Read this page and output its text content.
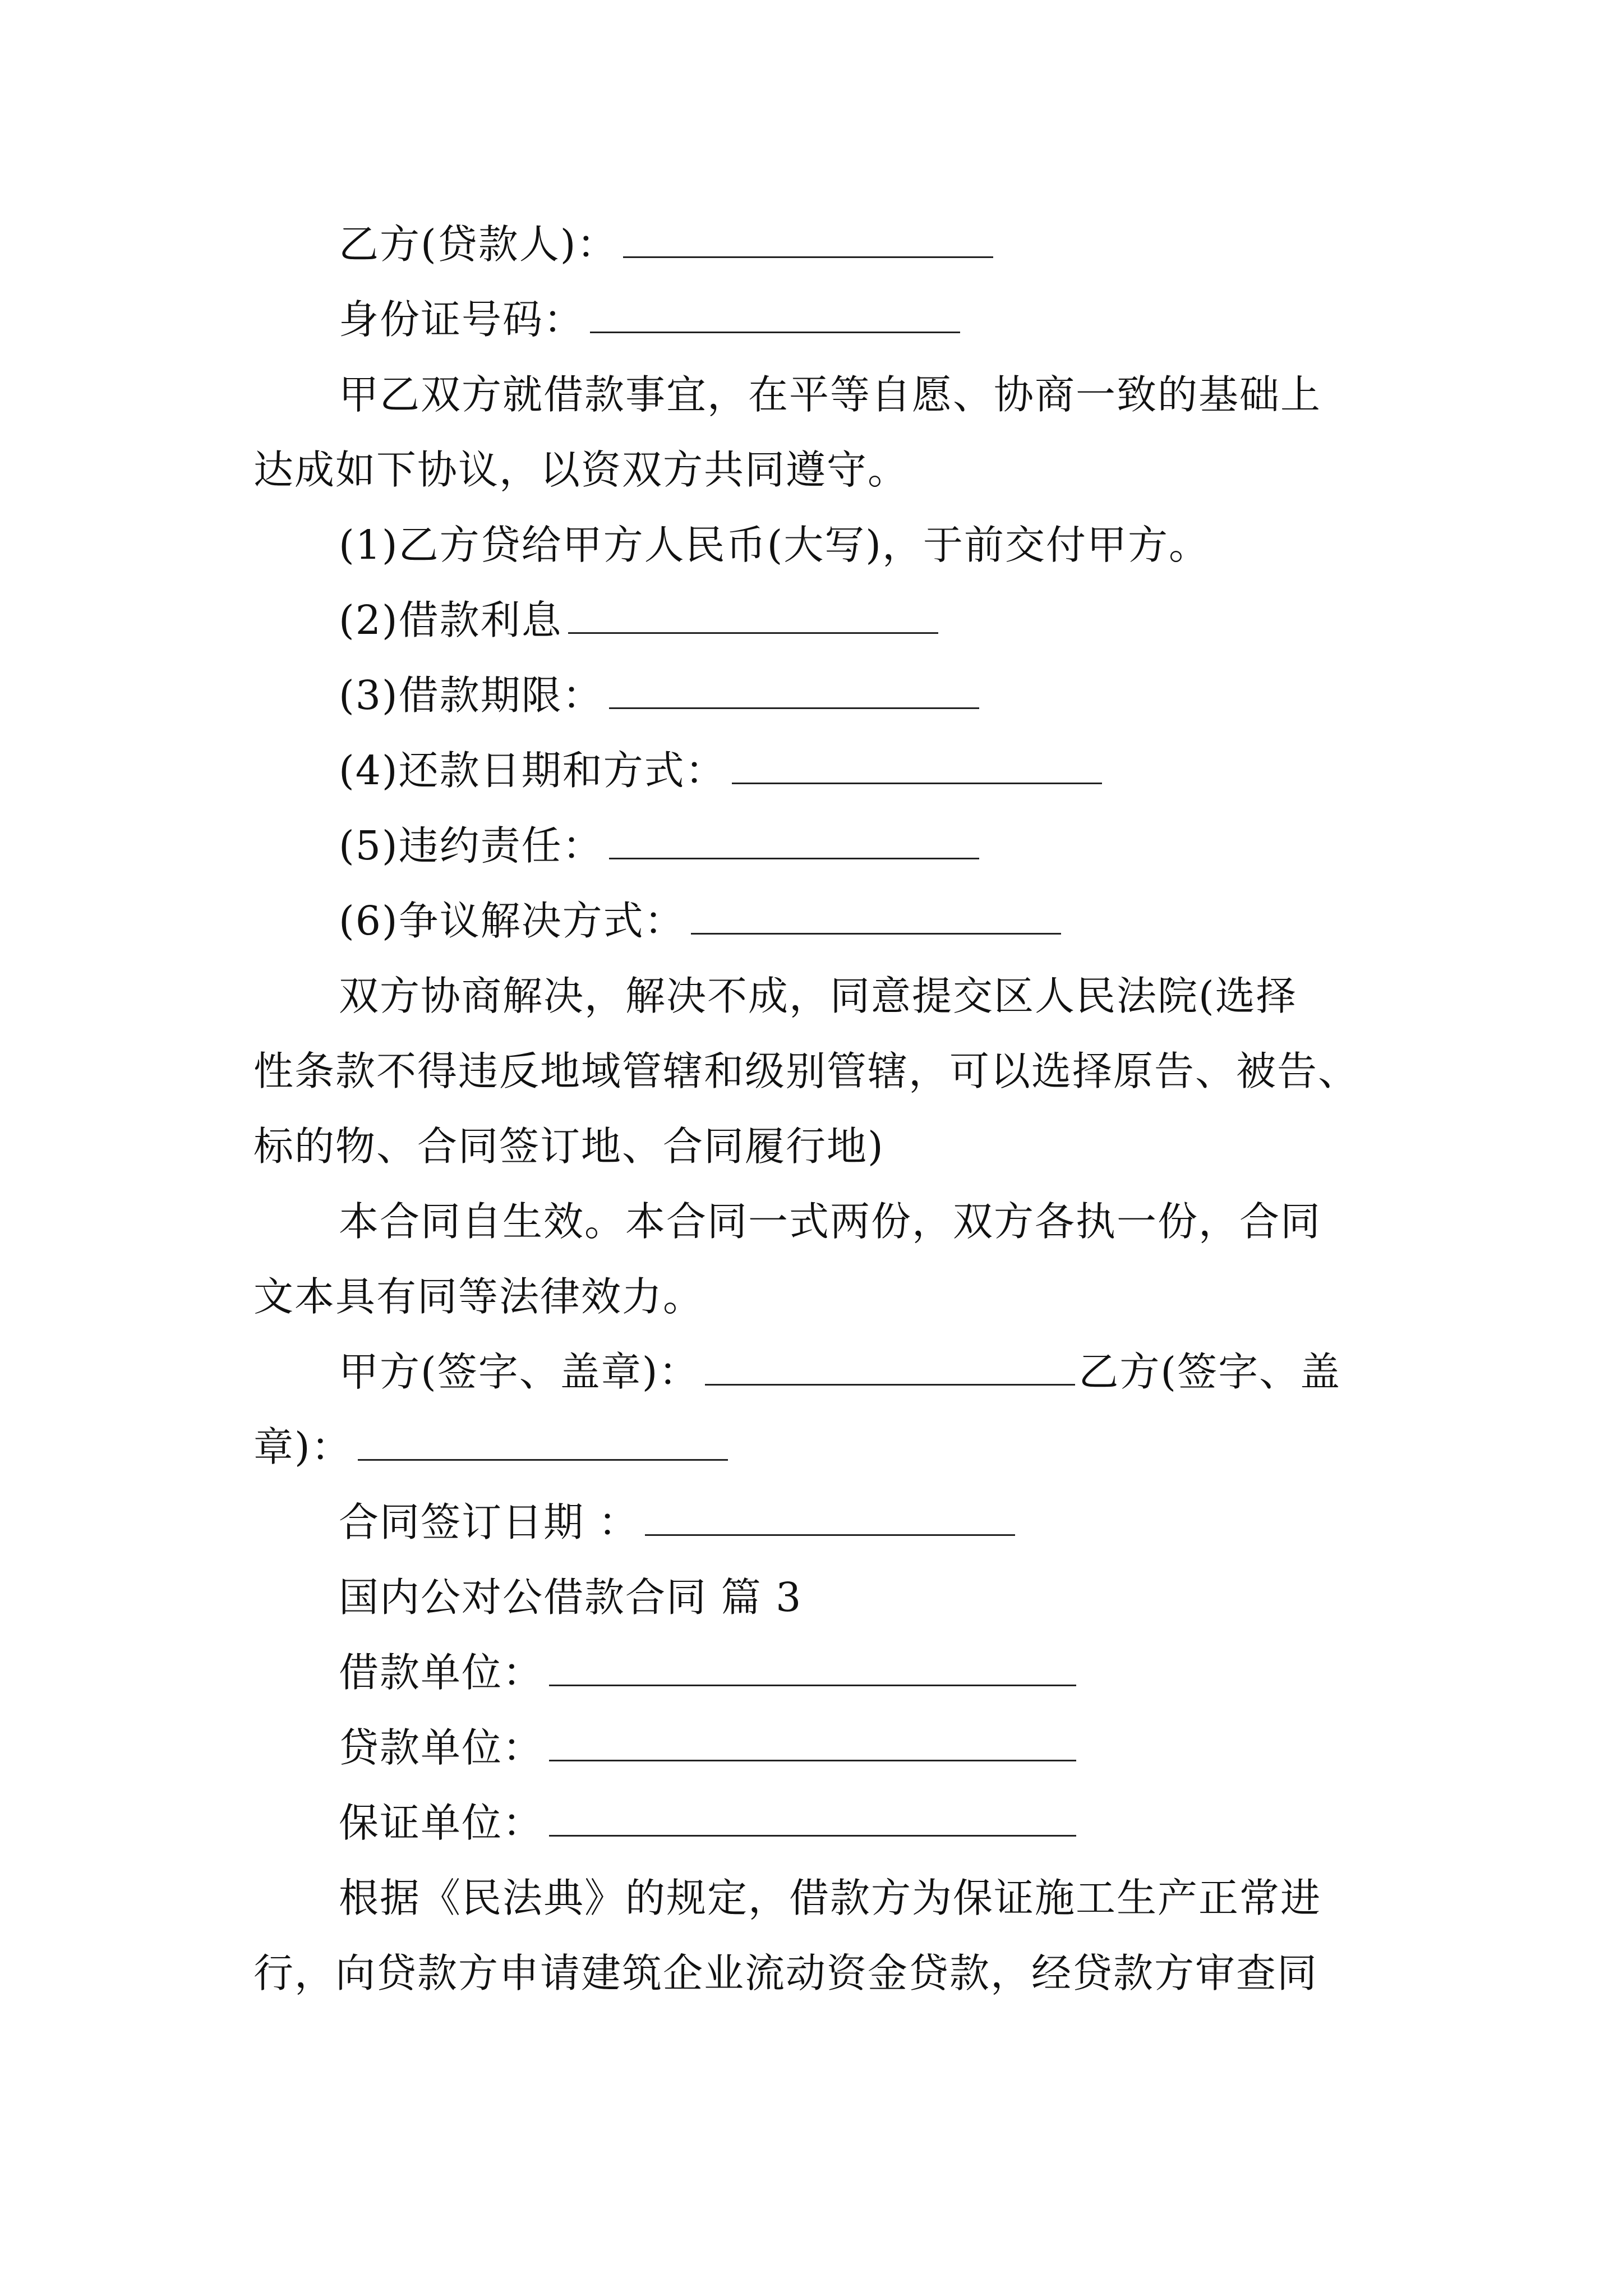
乙方(贷款人)：
身份证号码：
甲乙双方就借款事宜，在平等自愿、协商一致的基础上
达成如下协议，以资双方共同遵守。
(1)乙方贷给甲方人民币(大写)，于前交付甲方。
(2)借款利息
(3)借款期限：
(4)还款日期和方式：
(5)违约责任：
(6)争议解决方式：
双方协商解决，解决不成，同意提交区人民法院(选择
性条款不得违反地域管辖和级别管辖，可以选择原告、被告、
标的物、合同签订地、合同履行地)
本合同自生效。本合同一式两份，双方各执一份，合同
文本具有同等法律效力。
甲方(签字、盖章)：	乙方(签字、盖
章)：
合同签订日期 ：
国内公对公借款合同 篇 3
借款单位：
贷款单位：
保证单位：
根据《民法典》的规定，借款方为保证施工生产正常进
行，向贷款方申请建筑企业流动资金贷款，经贷款方审查同
